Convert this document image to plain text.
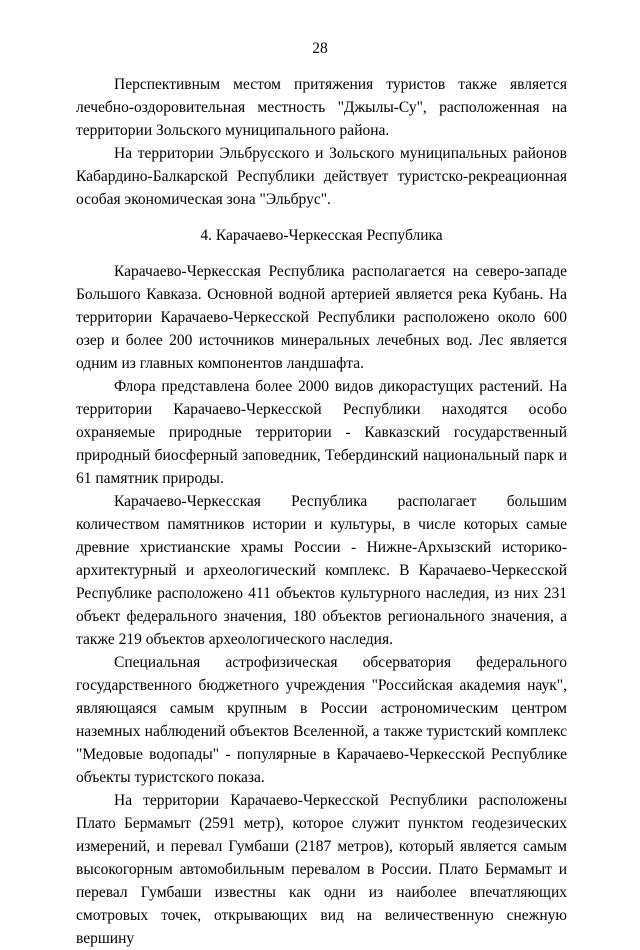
28

Перспективным местом притяжения туристов также является лечебно-оздоровительная местность "Джылы-Су", расположенная на территории Зольского муниципального района.

На территории Эльбрусского и Зольского муниципальных районов Кабардино-Балкарской Республики действует туристско-рекреационная особая экономическая зона "Эльбрус".

4. Карачаево-Черкесская Республика

Карачаево-Черкесская Республика располагается на северо-западе Большого Кавказа. Основной водной артерией является река Кубань. На территории Карачаево-Черкесской Республики расположено около 600 озер и более 200 источников минеральных лечебных вод. Лес является одним из главных компонентов ландшафта.

Флора представлена более 2000 видов дикорастущих растений. На территории Карачаево-Черкесской Республики находятся особо охраняемые природные территории - Кавказский государственный природный биосферный заповедник, Тебердинский национальный парк и 61 памятник природы.

Карачаево-Черкесская Республика располагает большим количеством памятников истории и культуры, в числе которых самые древние христианские храмы России - Нижне-Архызский историко-архитектурный и археологический комплекс. В Карачаево-Черкесской Республике расположено 411 объектов культурного наследия, из них 231 объект федерального значения, 180 объектов регионального значения, а также 219 объектов археологического наследия.

Специальная астрофизическая обсерватория федерального государственного бюджетного учреждения "Российская академия наук", являющаяся самым крупным в России астрономическим центром наземных наблюдений объектов Вселенной, а также туристский комплекс "Медовые водопады" - популярные в Карачаево-Черкесской Республике объекты туристского показа.

На территории Карачаево-Черкесской Республики расположены Плато Бермамыт (2591 метр), которое служит пунктом геодезических измерений, и перевал Гумбаши (2187 метров), который является самым высокогорным автомобильным перевалом в России. Плато Бермамыт и перевал Гумбаши известны как одни из наиболее впечатляющих смотровых точек, открывающих вид на величественную снежную вершину
